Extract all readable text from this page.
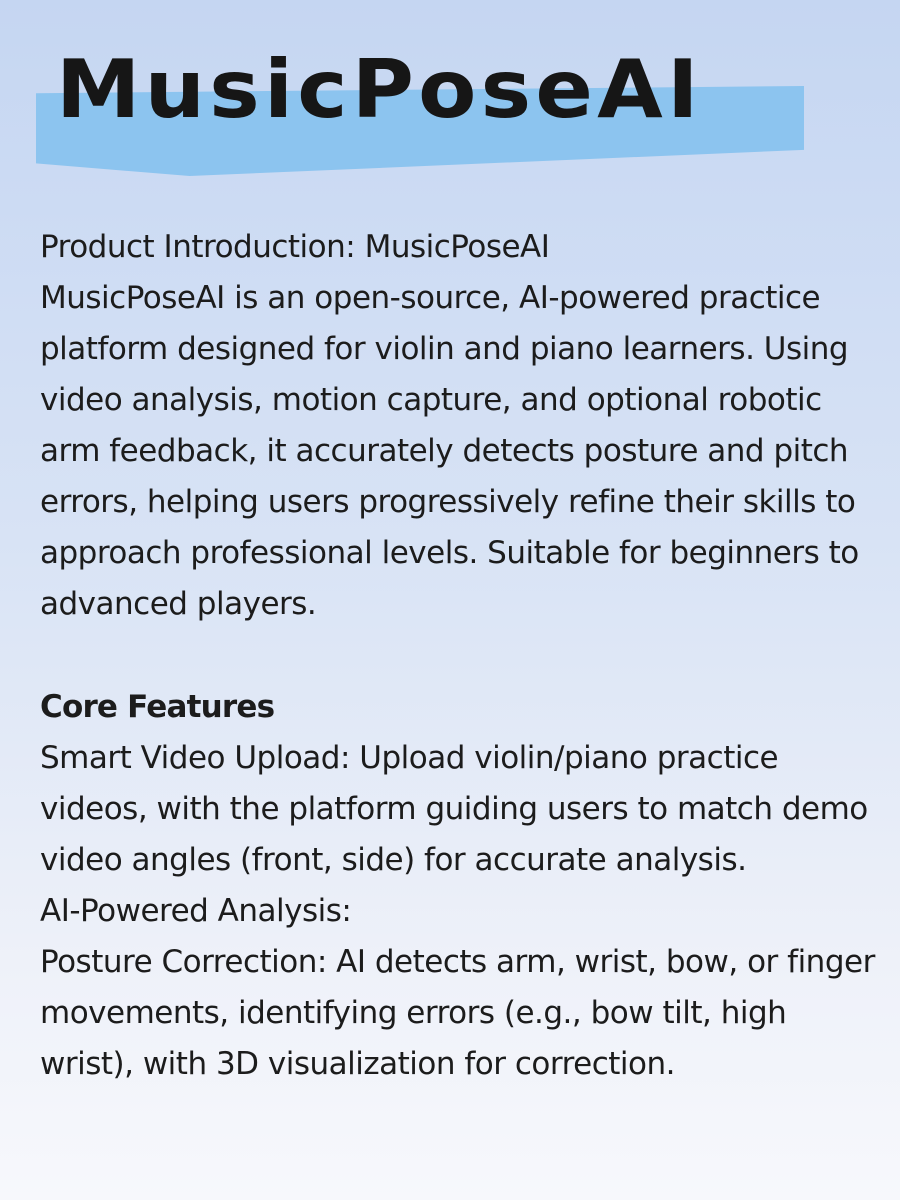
MusicPoseAI

Product Introduction: MusicPoseAI

MusicPoseAI is an open-source, AI-powered practice platform designed for violin and piano learners. Using video analysis, motion capture, and optional robotic arm feedback, it accurately detects posture and pitch errors, helping users progressively refine their skills to approach professional levels. Suitable for beginners to advanced players.

Core Features

Smart Video Upload: Upload violin/piano practice videos, with the platform guiding users to match demo video angles (front, side) for accurate analysis.

AI-Powered Analysis:

Posture Correction: AI detects arm, wrist, bow, or finger movements, identifying errors (e.g., bow tilt, high wrist), with 3D visualization for correction.
